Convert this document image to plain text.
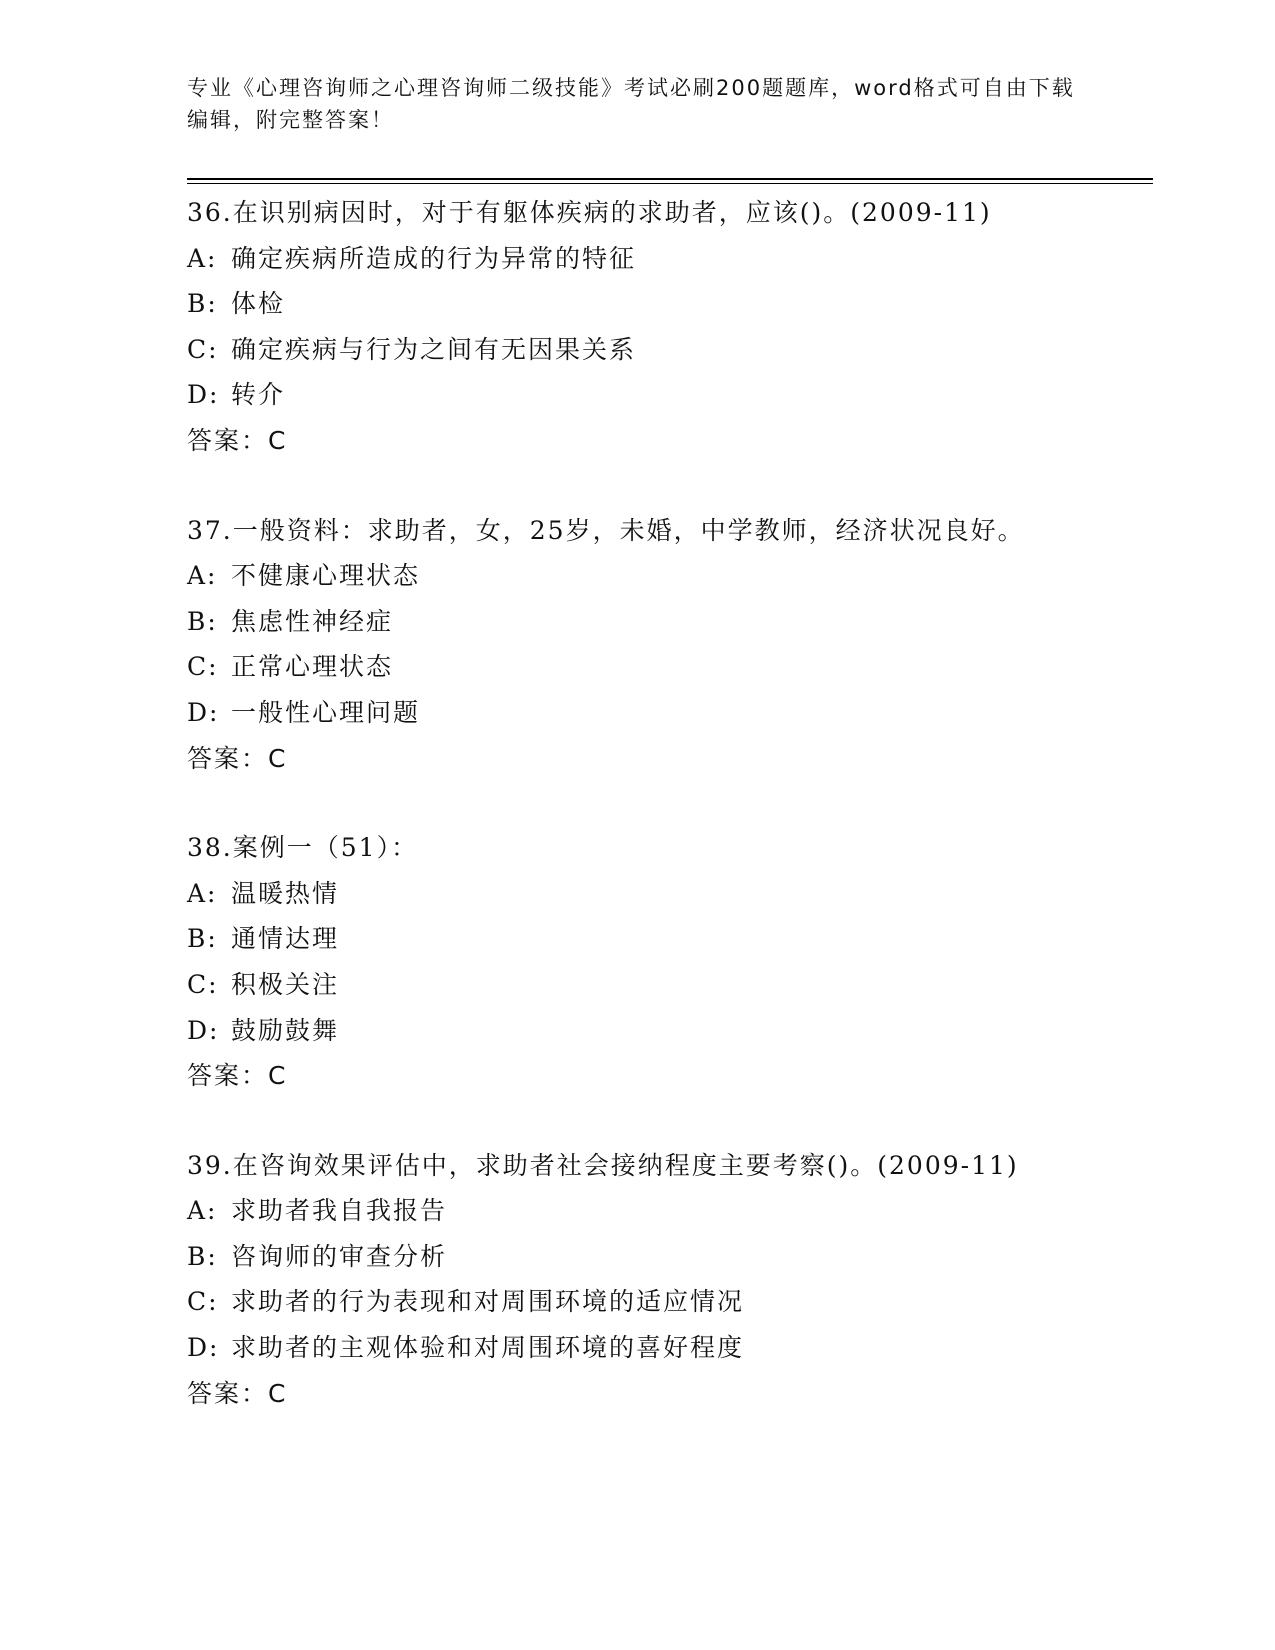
专业《心理咨询师之心理咨询师二级技能》考试必刷200题题库，word格式可自由下载编辑，附完整答案！
36.在识别病因时，对于有躯体疾病的求助者，应该()。(2009-11)
A: 确定疾病所造成的行为异常的特征
B: 体检
C: 确定疾病与行为之间有无因果关系
D: 转介
答案：C
37.一般资料：求助者，女，25岁，未婚，中学教师，经济状况良好。
A: 不健康心理状态
B: 焦虑性神经症
C: 正常心理状态
D: 一般性心理问题
答案：C
38.案例一（51）：
A: 温暖热情
B: 通情达理
C: 积极关注
D: 鼓励鼓舞
答案：C
39.在咨询效果评估中，求助者社会接纳程度主要考察()。(2009-11)
A: 求助者我自我报告
B: 咨询师的审查分析
C: 求助者的行为表现和对周围环境的适应情况
D: 求助者的主观体验和对周围环境的喜好程度
答案：C
